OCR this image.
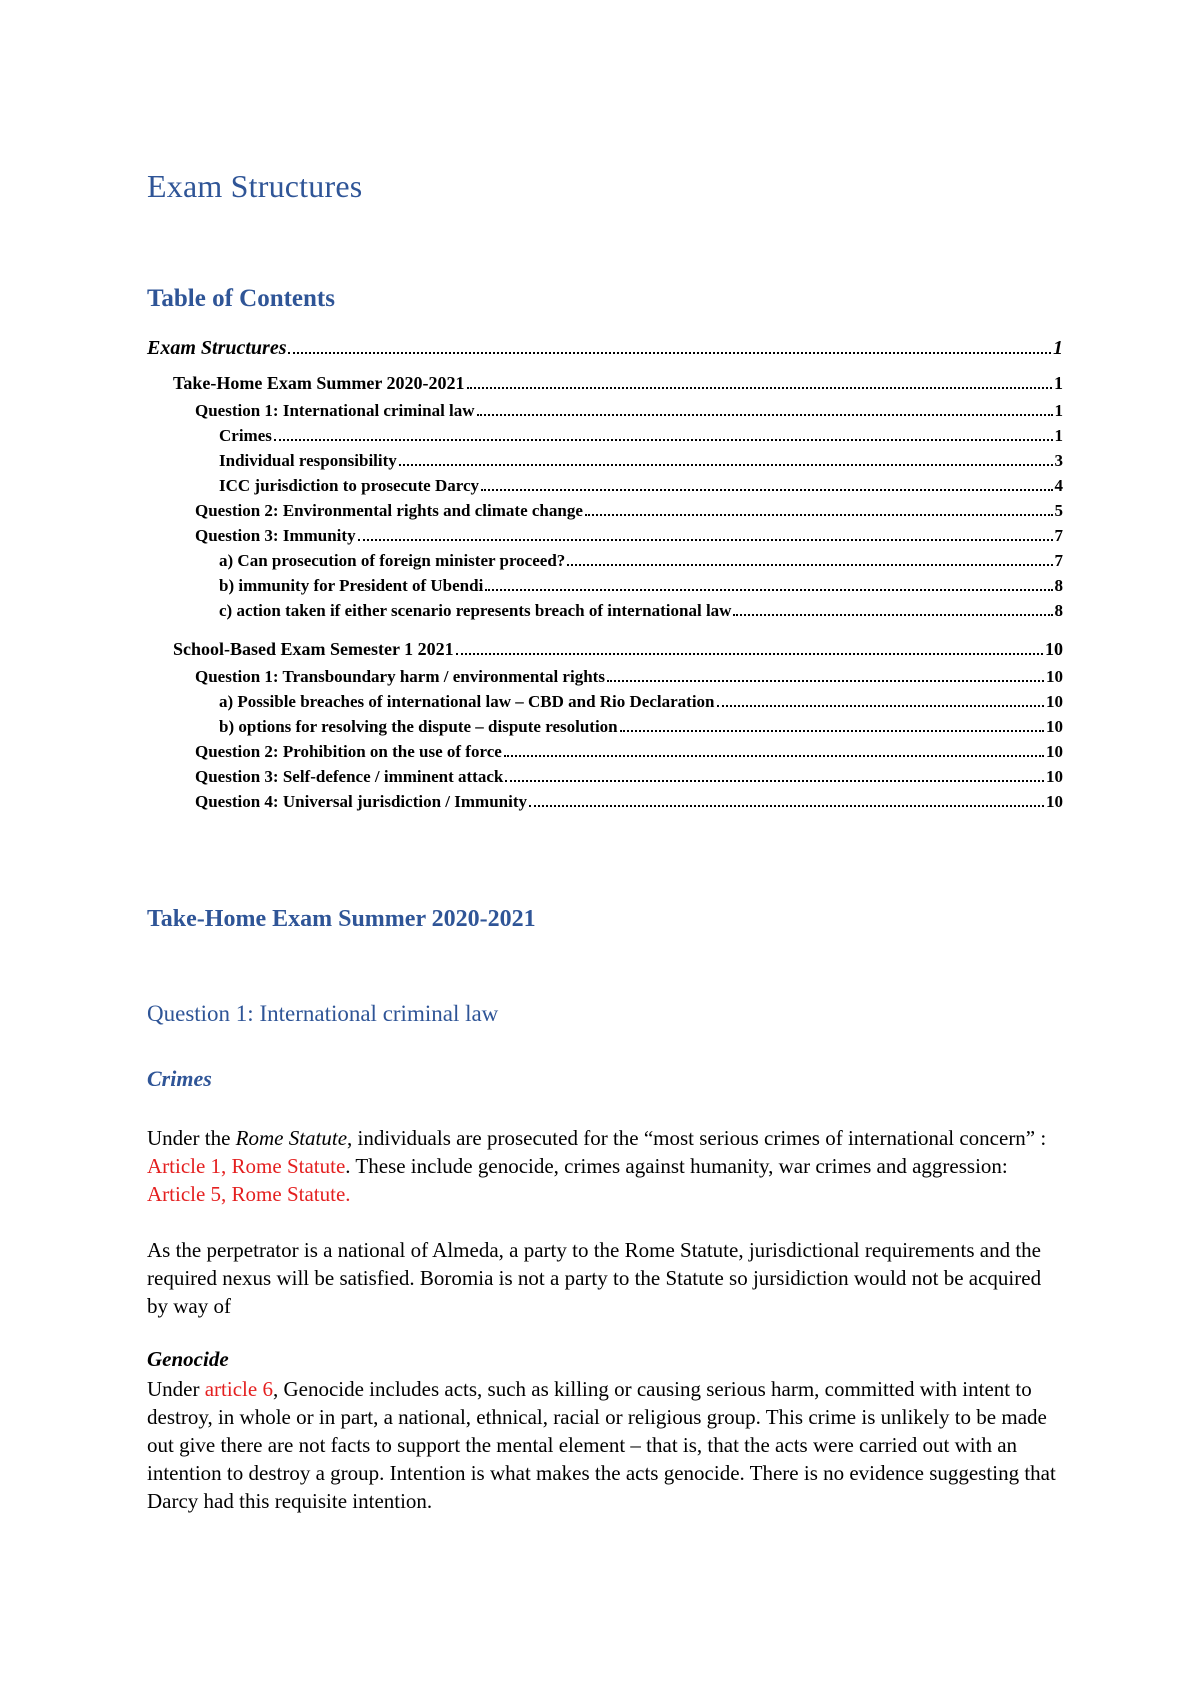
Exam Structures
Table of Contents
Exam Structures	1
Take-Home Exam Summer 2020-2021	1
Question 1: International criminal law	1
Crimes	1
Individual responsibility	3
ICC jurisdiction to prosecute Darcy	4
Question 2: Environmental rights and climate change	5
Question 3: Immunity	7
a) Can prosecution of foreign minister proceed?	7
b) immunity for President of Ubendi	8
c) action taken if either scenario represents breach of international law	8
School-Based Exam Semester 1 2021	10
Question 1: Transboundary harm / environmental rights	10
a) Possible breaches of international law – CBD and Rio Declaration	10
b) options for resolving the dispute – dispute resolution	10
Question 2: Prohibition on the use of force	10
Question 3: Self-defence / imminent attack	10
Question 4: Universal jurisdiction / Immunity	10
Take-Home Exam Summer 2020-2021
Question 1: International criminal law
Crimes

Under the Rome Statute, individuals are prosecuted for the “most serious crimes of international concern” : Article 1, Rome Statute. These include genocide, crimes against humanity, war crimes and aggression: Article 5, Rome Statute.

As the perpetrator is a national of Almeda, a party to the Rome Statute, jurisdictional requirements and the required nexus will be satisfied. Boromia is not a party to the Statute so jursidiction would not be acquired by way of

Genocide

Under article 6, Genocide includes acts, such as killing or causing serious harm, committed with intent to destroy, in whole or in part, a national, ethnical, racial or religious group. This crime is unlikely to be made out give there are not facts to support the mental element – that is, that the acts were carried out with an intention to destroy a group. Intention is what makes the acts genocide. There is no evidence suggesting that Darcy had this requisite intention.
